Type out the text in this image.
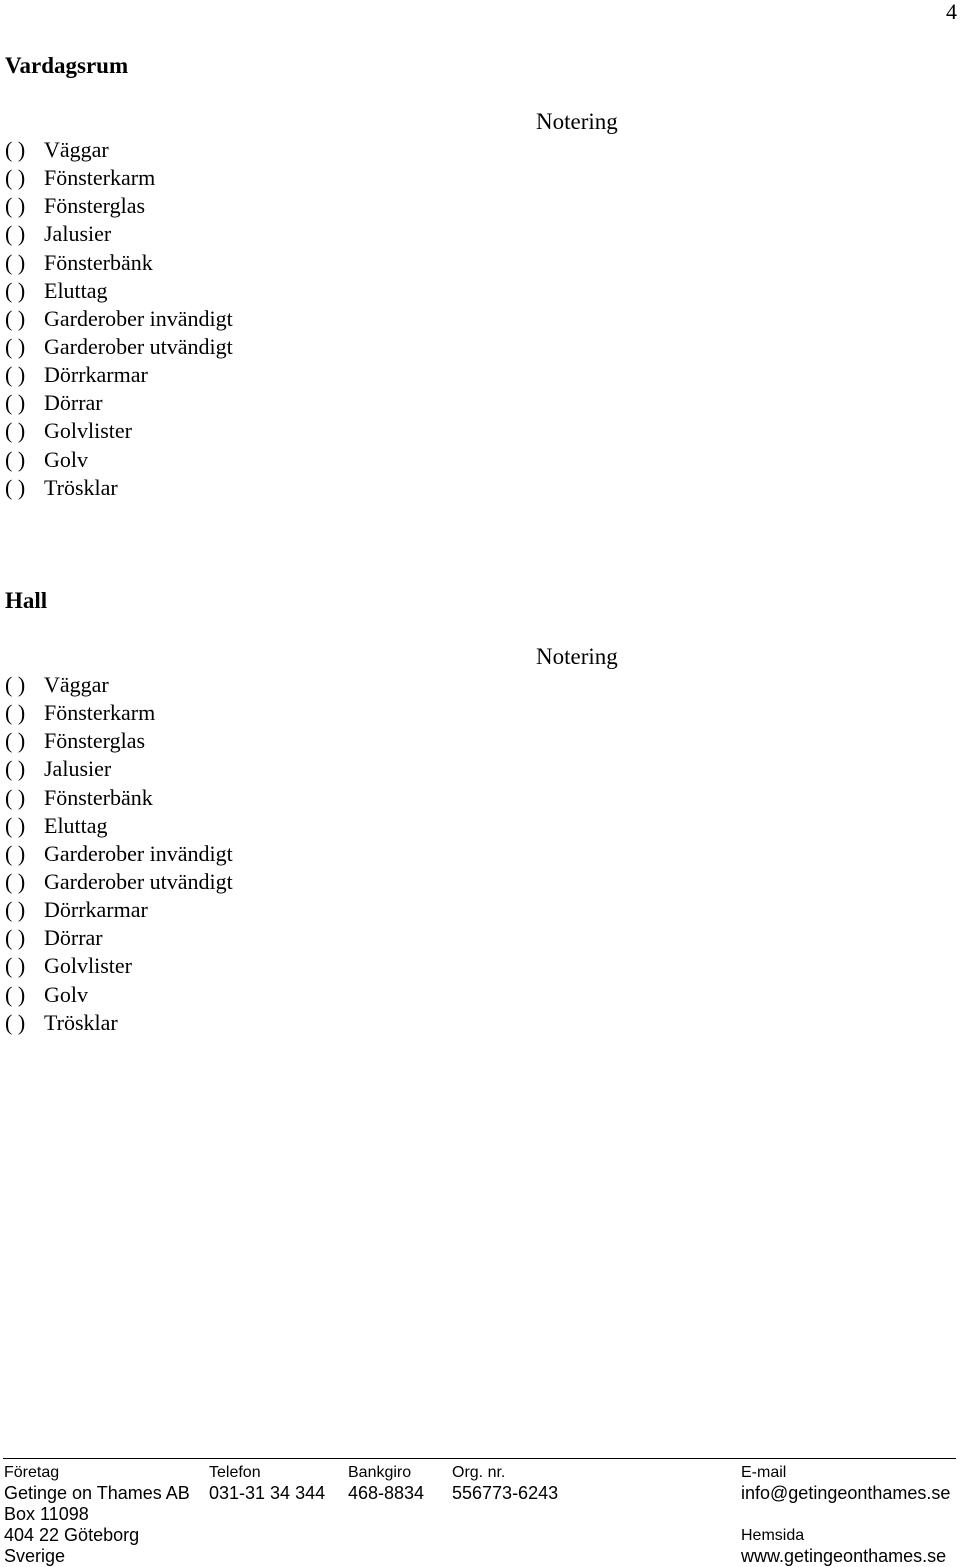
4
Vardagsrum
Notering
( ) Väggar
( ) Fönsterkarm
( ) Fönsterglas
( ) Jalusier
( ) Fönsterbänk
( ) Eluttag
( ) Garderober invändigt
( ) Garderober utvändigt
( ) Dörrkarmar
( ) Dörrar
( ) Golvlister
( ) Golv
( ) Trösklar
Hall
Notering
( ) Väggar
( ) Fönsterkarm
( ) Fönsterglas
( ) Jalusier
( ) Fönsterbänk
( ) Eluttag
( ) Garderober invändigt
( ) Garderober utvändigt
( ) Dörrkarmar
( ) Dörrar
( ) Golvlister
( ) Golv
( ) Trösklar
Företag
Getinge on Thames AB
Box 11098
404 22 Göteborg
Sverige
Telefon
031-31 34 344
Bankgiro
468-8834
Org. nr.
556773-6243
E-mail
info@getingeonthames.se
Hemsida
www.getingeonthames.se
